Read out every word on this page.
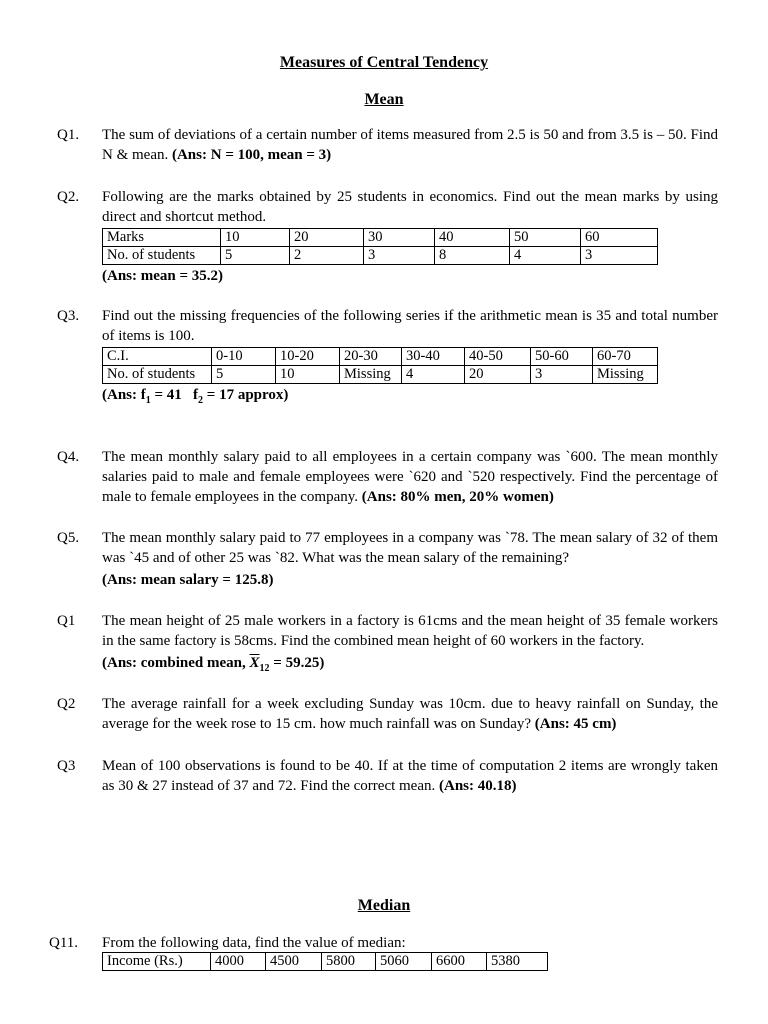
Measures of Central Tendency
Mean
Q1. The sum of deviations of a certain number of items measured from 2.5 is 50 and from 3.5 is – 50. Find N & mean. (Ans: N = 100, mean = 3)
Q2. Following are the marks obtained by 25 students in economics. Find out the mean marks by using direct and shortcut method.
Marks	10	20	30	40	50	60
No. of students	5	2	3	8	4	3
(Ans: mean = 35.2)
Q3. Find out the missing frequencies of the following series if the arithmetic mean is 35 and total number of items is 100.
C.I.	0-10	10-20	20-30	30-40	40-50	50-60	60-70
No. of students	5	10	Missing	4	20	3	Missing
(Ans: $f_1 = 41$   $f_2 = 17$ approx)
Q4. The mean monthly salary paid to all employees in a certain company was `600. The mean monthly salaries paid to male and female employees were `620 and `520 respectively. Find the percentage of male to female employees in the company. (Ans: 80% men, 20% women)
Q5. The mean monthly salary paid to 77 employees in a company was `78. The mean salary of 32 of them was `45 and of other 25 was `82. What was the mean salary of the remaining?
(Ans: mean salary = 125.8)
Q1 The mean height of 25 male workers in a factory is 61cms and the mean height of 35 female workers in the same factory is 58cms. Find the combined mean height of 60 workers in the factory.
(Ans: combined mean, $\overline{X}_{12} = 59.25$)
Q2 The average rainfall for a week excluding Sunday was 10cm. due to heavy rainfall on Sunday, the average for the week rose to 15 cm. how much rainfall was on Sunday? (Ans: 45 cm)
Q3 Mean of 100 observations is found to be 40. If at the time of computation 2 items are wrongly taken as 30 & 27 instead of 37 and 72. Find the correct mean. (Ans: 40.18)
Median
Q11. From the following data, find the value of median:
Income (Rs.)	4000	4500	5800	5060	6600	5380
